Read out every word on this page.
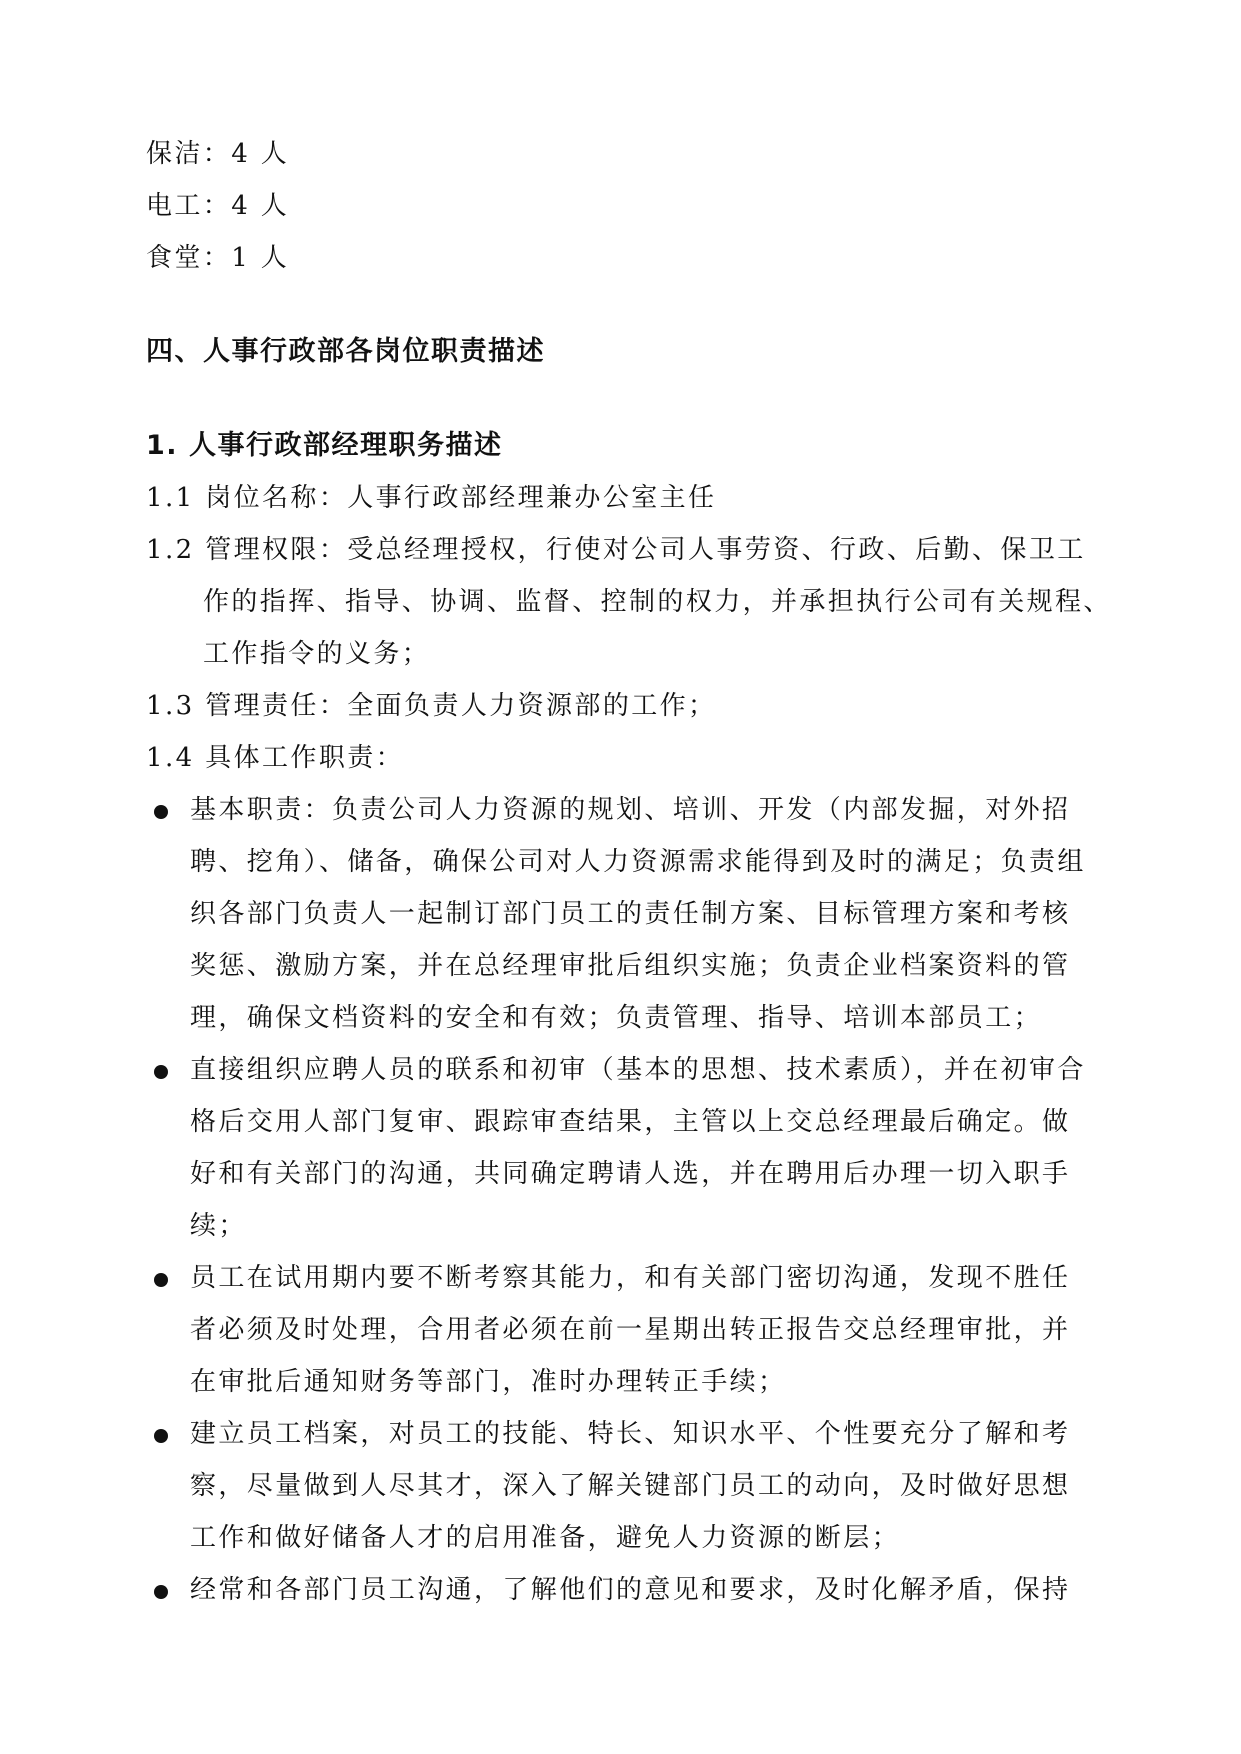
保洁：4 人
电工：4 人
食堂：1 人
四、人事行政部各岗位职责描述
1. 人事行政部经理职务描述
1.1 岗位名称：人事行政部经理兼办公室主任
1.2 管理权限：受总经理授权，行使对公司人事劳资、行政、后勤、保卫工
作的指挥、指导、协调、监督、控制的权力，并承担执行公司有关规程、
工作指令的义务；
1.3 管理责任：全面负责人力资源部的工作；
1.4 具体工作职责：

基本职责：负责公司人力资源的规划、培训、开发（内部发掘，对外招

聘、挖角）、储备，确保公司对人力资源需求能得到及时的满足；负责组

织各部门负责人一起制订部门员工的责任制方案、目标管理方案和考核

奖惩、激励方案，并在总经理审批后组织实施；负责企业档案资料的管

理，确保文档资料的安全和有效；负责管理、指导、培训本部员工；

直接组织应聘人员的联系和初审（基本的思想、技术素质），并在初审合

格后交用人部门复审、跟踪审查结果，主管以上交总经理最后确定。做

好和有关部门的沟通，共同确定聘请人选，并在聘用后办理一切入职手

续；

员工在试用期内要不断考察其能力，和有关部门密切沟通，发现不胜任

者必须及时处理，合用者必须在前一星期出转正报告交总经理审批，并

在审批后通知财务等部门，准时办理转正手续；

建立员工档案，对员工的技能、特长、知识水平、个性要充分了解和考

察，尽量做到人尽其才，深入了解关键部门员工的动向，及时做好思想

工作和做好储备人才的启用准备，避免人力资源的断层；

经常和各部门员工沟通，了解他们的意见和要求，及时化解矛盾，保持
